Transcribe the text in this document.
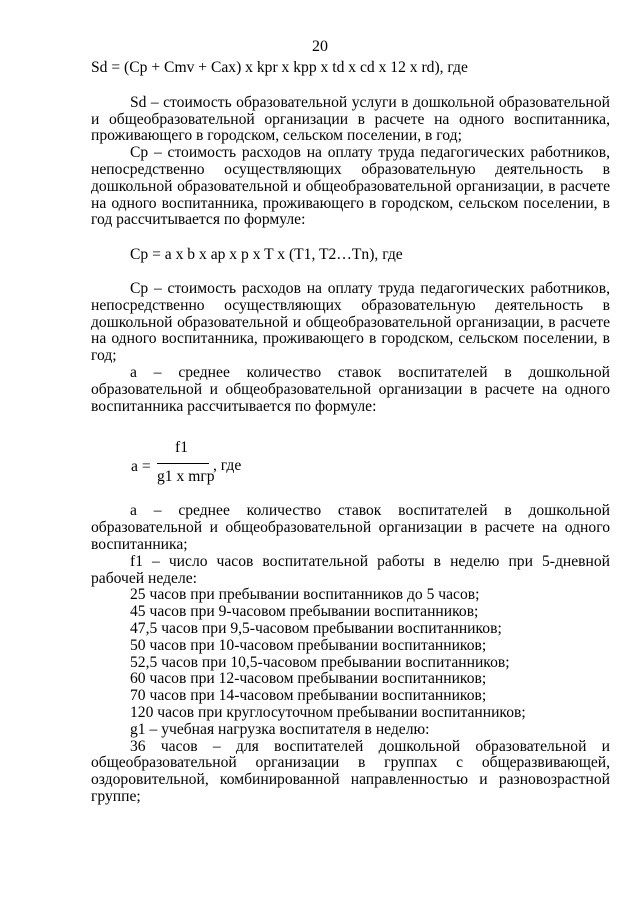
20
Sd = (Cp + Cmv + Cax) x kpr x kpp x td x cd x 12 x rd), где

Sd – стоимость образовательной услуги в дошкольной образовательной и общеобразовательной организации в расчете на одного воспитанника, проживающего в городском, сельском поселении, в год;

Cp – стоимость расходов на оплату труда педагогических работников, непосредственно осуществляющих образовательную деятельность в дошкольной образовательной и общеобразовательной организации, в расчете на одного воспитанника, проживающего в городском, сельском поселении, в год рассчитывается по формуле:

Cp = a x b x ap x p x T x (T1, T2…Tn), где

Cp – стоимость расходов на оплату труда педагогических работников, непосредственно осуществляющих образовательную деятельность в дошкольной образовательной и общеобразовательной организации, в расчете на одного воспитанника, проживающего в городском, сельском поселении, в год;

a – среднее количество ставок воспитателей в дошкольной образовательной и общеобразовательной организации в расчете на одного воспитанника рассчитывается по формуле:

a =
f1
g1 x mгр
, где

a – среднее количество ставок воспитателей в дошкольной образовательной и общеобразовательной организации в расчете на одного воспитанника;

f1 – число часов воспитательной работы в неделю при 5-дневной рабочей неделе:

25 часов при пребывании воспитанников до 5 часов;

45 часов при 9-часовом пребывании воспитанников;

47,5 часов при 9,5-часовом пребывании воспитанников;

50 часов при 10-часовом пребывании воспитанников;

52,5 часов при 10,5-часовом пребывании воспитанников;

60 часов при 12-часовом пребывании воспитанников;

70 часов при 14-часовом пребывании воспитанников;

120 часов при круглосуточном пребывании воспитанников;

g1 – учебная нагрузка воспитателя в неделю:

36 часов – для воспитателей дошкольной образовательной и общеобразовательной организации в группах с общеразвивающей, оздоровительной, комбинированной направленностью и разновозрастной группе;
